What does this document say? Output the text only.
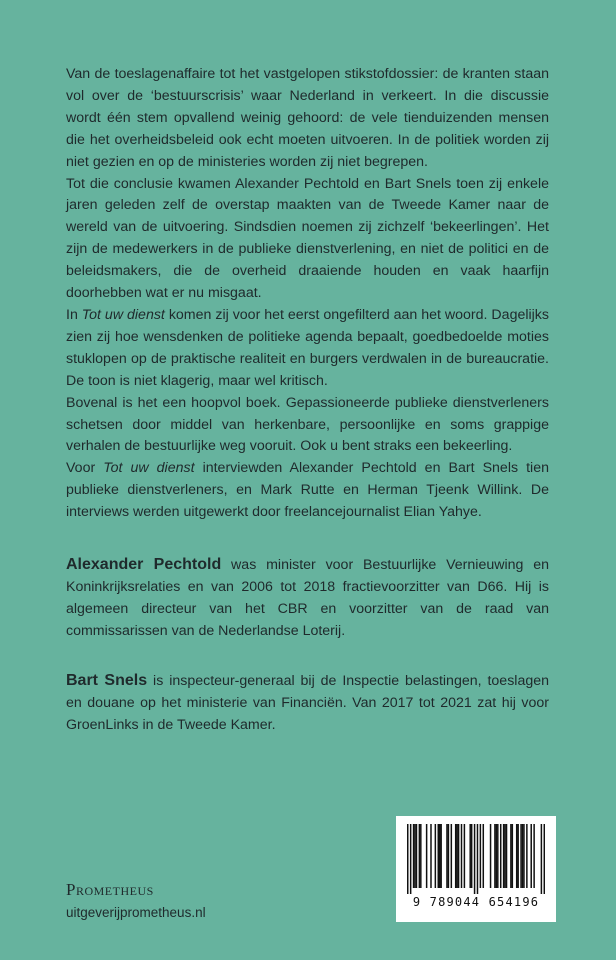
Van de toeslagenaffaire tot het vastgelopen stikstofdossier: de kranten staan vol over de ‘bestuurscrisis’ waar Nederland in verkeert. In die discussie wordt één stem opvallend weinig gehoord: de vele tienduizenden mensen die het overheidsbeleid ook echt moeten uitvoeren. In de politiek worden zij niet gezien en op de ministeries worden zij niet begrepen.

Tot die conclusie kwamen Alexander Pechtold en Bart Snels toen zij enkele jaren geleden zelf de overstap maakten van de Tweede Kamer naar de wereld van de uitvoering. Sindsdien noemen zij zichzelf ‘bekeerlingen’. Het zijn de medewerkers in de publieke dienstverlening, en niet de politici en de beleidsmakers, die de overheid draaiende houden en vaak haarfijn doorhebben wat er nu misgaat.

In Tot uw dienst komen zij voor het eerst ongefilterd aan het woord. Dagelijks zien zij hoe wensdenken de politieke agenda bepaalt, goedbedoelde moties stuklopen op de praktische realiteit en burgers verdwalen in de bureaucratie. De toon is niet klagerig, maar wel kritisch.

Bovenal is het een hoopvol boek. Gepassioneerde publieke dienstverleners schetsen door middel van herkenbare, persoonlijke en soms grappige verhalen de bestuurlijke weg vooruit. Ook u bent straks een bekeerling.

Voor Tot uw dienst interviewden Alexander Pechtold en Bart Snels tien publieke dienstverleners, en Mark Rutte en Herman Tjeenk Willink. De interviews werden uitgewerkt door freelancejournalist Elian Yahye.

Alexander Pechtold was minister voor Bestuurlijke Vernieuwing en Koninkrijksrelaties en van 2006 tot 2018 fractievoorzitter van D66. Hij is algemeen directeur van het CBR en voorzitter van de raad van commissarissen van de Nederlandse Loterij.

Bart Snels is inspecteur-generaal bij de Inspectie belastingen, toeslagen en douane op het ministerie van Financiën. Van 2017 tot 2021 zat hij voor GroenLinks in de Tweede Kamer.

Prometheus
uitgeverijprometheus.nl
9 789044 654196
